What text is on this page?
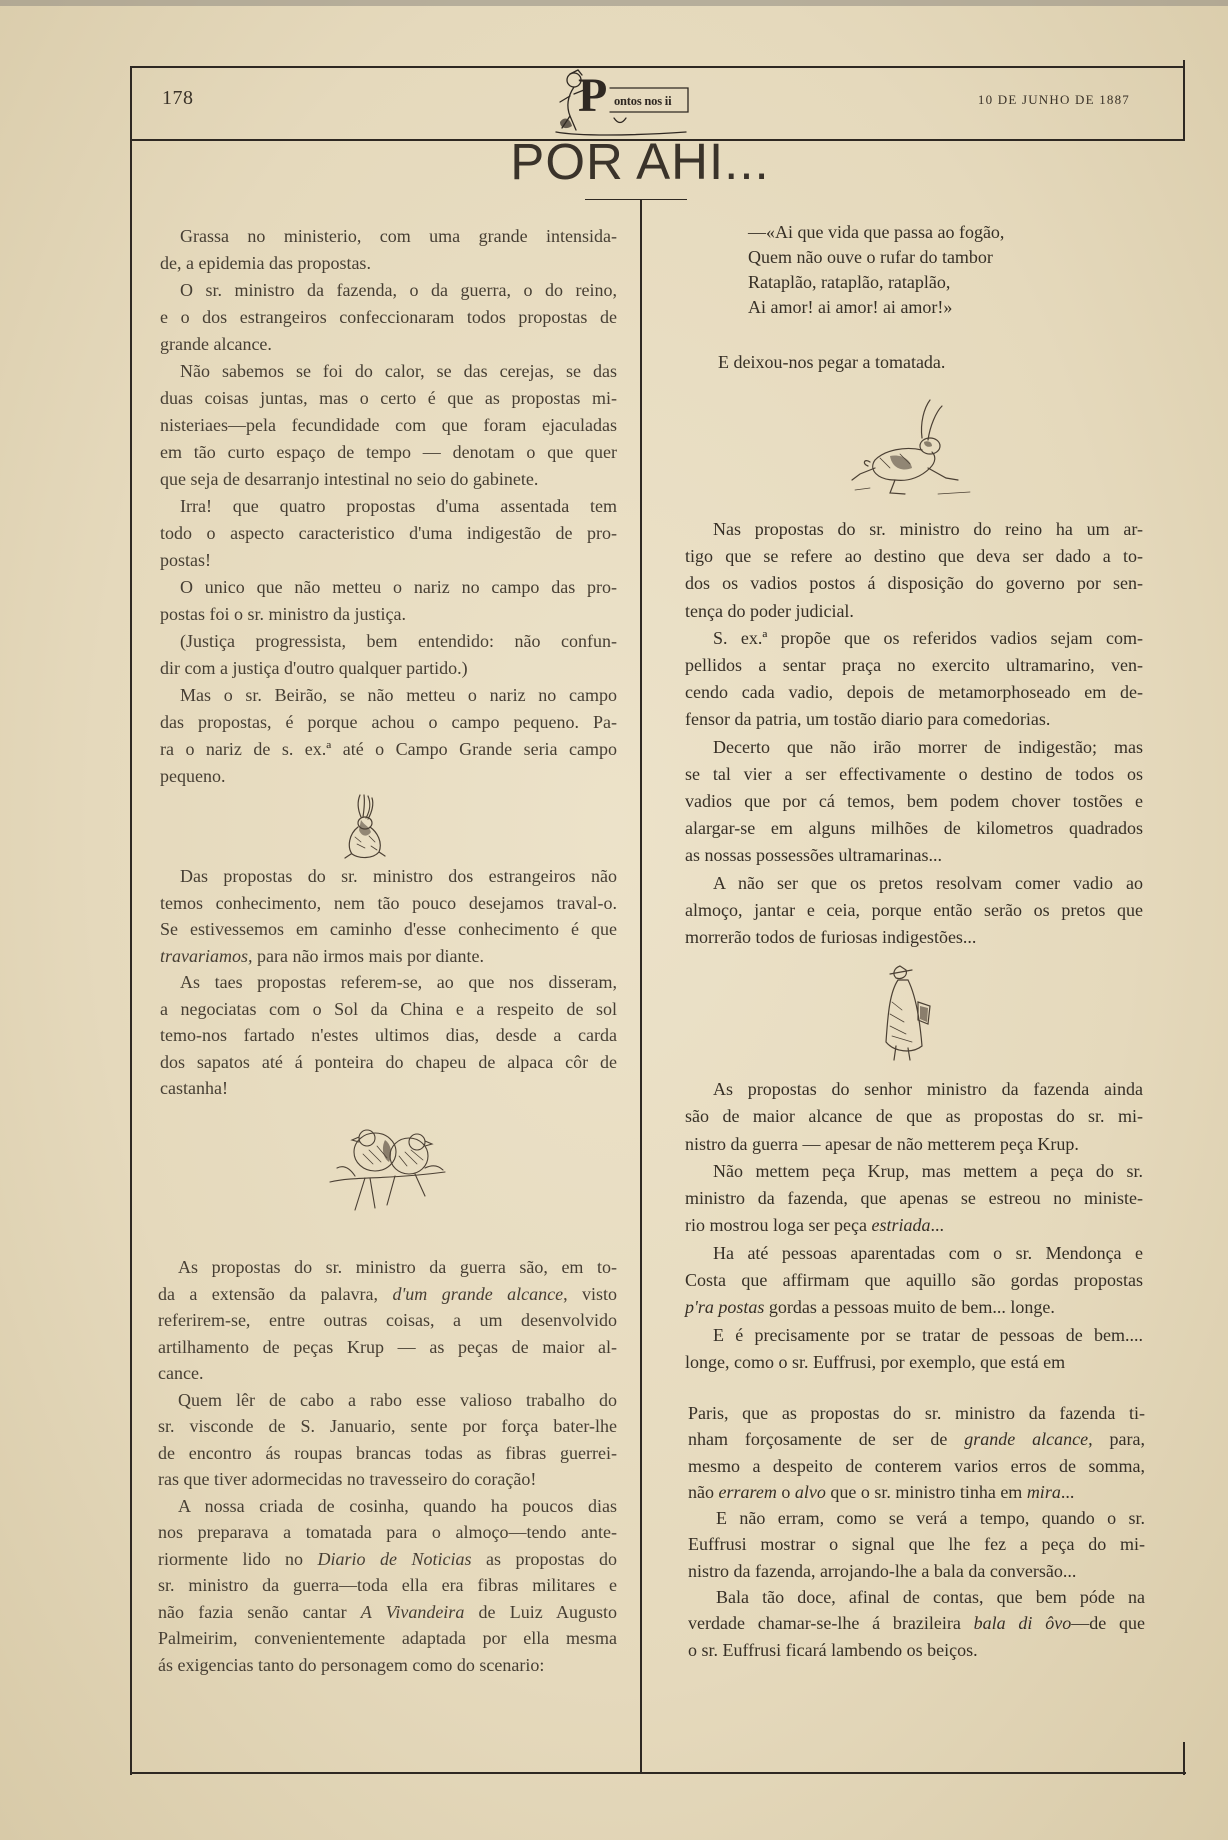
178	P ontos nos ii	10 DE JUNHO DE 1887
POR AHI...
Grassa no ministerio, com uma grande intensida-
de, a epidemia das propostas.
O sr. ministro da fazenda, o da guerra, o do reino,
e o dos estrangeiros confeccionaram todos propostas de
grande alcance.
Não sabemos se foi do calor, se das cerejas, se das
duas coisas juntas, mas o certo é que as propostas mi-
nisteriaes—pela fecundidade com que foram ejaculadas
em tão curto espaço de tempo — denotam o que quer
que seja de desarranjo intestinal no seio do gabinete.
Irra! que quatro propostas d'uma assentada tem
todo o aspecto caracteristico d'uma indigestão de pro-
postas!
O unico que não metteu o nariz no campo das pro-
postas foi o sr. ministro da justiça.
(Justiça progressista, bem entendido: não confun-
dir com a justiça d'outro qualquer partido.)
Mas o sr. Beirão, se não metteu o nariz no campo
das propostas, é porque achou o campo pequeno. Pa-
ra o nariz de s. ex.ª até o Campo Grande seria campo
pequeno.
Das propostas do sr. ministro dos estrangeiros não
temos conhecimento, nem tão pouco desejamos traval-o.
Se estivessemos em caminho d'esse conhecimento é que
travariamos, para não irmos mais por diante.
As taes propostas referem-se, ao que nos disseram,
a negociatas com o Sol da China e a respeito de sol
temo-nos fartado n'estes ultimos dias, desde a carda
dos sapatos até á ponteira do chapeu de alpaca côr de
castanha!
As propostas do sr. ministro da guerra são, em to-
da a extensão da palavra, d'um grande alcance, visto
referirem-se, entre outras coisas, a um desenvolvido
artilhamento de peças Krup — as peças de maior al-
cance.
Quem lêr de cabo a rabo esse valioso trabalho do
sr. visconde de S. Januario, sente por força bater-lhe
de encontro ás roupas brancas todas as fibras guerrei-
ras que tiver adormecidas no travesseiro do coração!
A nossa criada de cosinha, quando ha poucos dias
nos preparava a tomatada para o almoço—tendo ante-
riormente lido no Diario de Noticias as propostas do
sr. ministro da guerra—toda ella era fibras militares e
não fazia senão cantar A Vivandeira de Luiz Augusto
Palmeirim, convenientemente adaptada por ella mesma
ás exigencias tanto do personagem como do scenario:
—«Ai que vida que passa ao fogão,
Quem não ouve o rufar do tambor
Rataplão, rataplão, rataplão,
Ai amor! ai amor! ai amor!»
E deixou-nos pegar a tomatada.
Nas propostas do sr. ministro do reino ha um ar-
tigo que se refere ao destino que deva ser dado a to-
dos os vadios postos á disposição do governo por sen-
tença do poder judicial.
S. ex.ª propõe que os referidos vadios sejam com-
pellidos a sentar praça no exercito ultramarino, ven-
cendo cada vadio, depois de metamorphoseado em de-
fensor da patria, um tostão diario para comedorias.
Decerto que não irão morrer de indigestão; mas
se tal vier a ser effectivamente o destino de todos os
vadios que por cá temos, bem podem chover tostões e
alargar-se em alguns milhões de kilometros quadrados
as nossas possessões ultramarinas...
A não ser que os pretos resolvam comer vadio ao
almoço, jantar e ceia, porque então serão os pretos que
morrerão todos de furiosas indigestões...
As propostas do senhor ministro da fazenda ainda
são de maior alcance de que as propostas do sr. mi-
nistro da guerra — apesar de não metterem peça Krup.
Não mettem peça Krup, mas mettem a peça do sr.
ministro da fazenda, que apenas se estreou no ministe-
rio mostrou loga ser peça estriada...
Ha até pessoas aparentadas com o sr. Mendonça e
Costa que affirmam que aquillo são gordas propostas
p'ra postas gordas a pessoas muito de bem... longe.
E é precisamente por se tratar de pessoas de bem....
longe, como o sr. Euffrusi, por exemplo, que está em
Paris, que as propostas do sr. ministro da fazenda ti-
nham forçosamente de ser de grande alcance, para,
mesmo a despeito de conterem varios erros de somma,
não errarem o alvo que o sr. ministro tinha em mira...
E não erram, como se verá a tempo, quando o sr.
Euffrusi mostrar o signal que lhe fez a peça do mi-
nistro da fazenda, arrojando-lhe a bala da conversão...
Bala tão doce, afinal de contas, que bem póde na
verdade chamar-se-lhe á brazileira bala di ôvo—de que
o sr. Euffrusi ficará lambendo os beiços.
